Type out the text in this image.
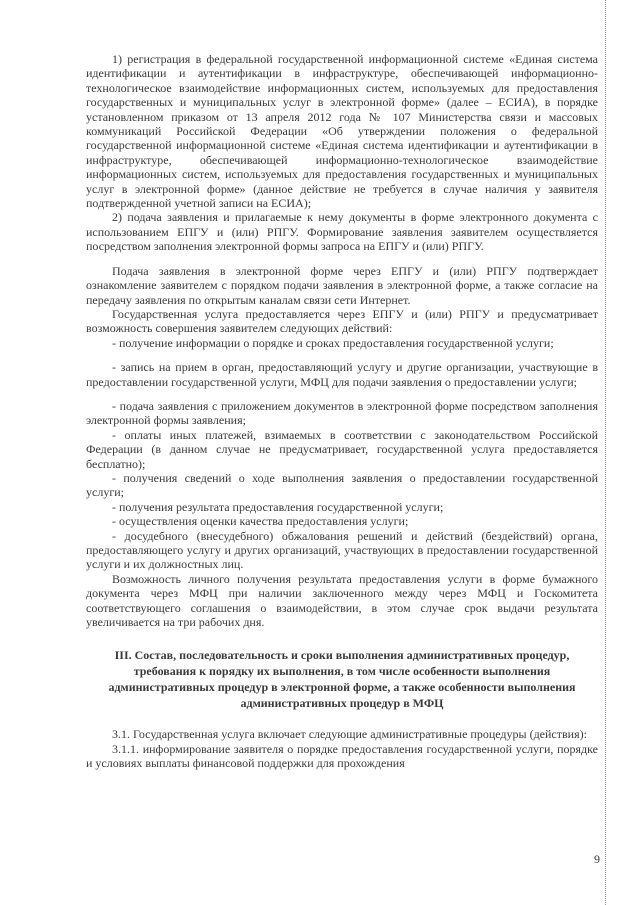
1) регистрация в федеральной государственной информационной системе «Единая система идентификации и аутентификации в инфраструктуре, обеспечивающей информационно-технологическое взаимодействие информационных систем, используемых для предоставления государственных и муниципальных услуг в электронной форме» (далее – ЕСИА), в порядке установленном приказом от 13 апреля 2012 года № 107 Министерства связи и массовых коммуникаций Российской Федерации «Об утверждении положения о федеральной государственной информационной системе «Единая система идентификации и аутентификации в инфраструктуре, обеспечивающей информационно-технологическое взаимодействие информационных систем, используемых для предоставления государственных и муниципальных услуг в электронной форме» (данное действие не требуется в случае наличия у заявителя подтвержденной учетной записи на ЕСИА);

2) подача заявления и прилагаемые к нему документы в форме электронного документа с использованием ЕПГУ и (или) РПГУ. Формирование заявления заявителем осуществляется посредством заполнения электронной формы запроса на ЕПГУ и (или) РПГУ.

Подача заявления в электронной форме через ЕПГУ и (или) РПГУ подтверждает ознакомление заявителем с порядком подачи заявления в электронной форме, а также согласие на передачу заявления по открытым каналам связи сети Интернет.

Государственная услуга предоставляется через ЕПГУ и (или) РПГУ и предусматривает возможность совершения заявителем следующих действий:

- получение информации о порядке и сроках предоставления государственной услуги;

- запись на прием в орган, предоставляющий услугу и другие организации, участвующие в предоставлении государственной услуги, МФЦ для подачи заявления о предоставлении услуги;

- подача заявления с приложением документов в электронной форме посредством заполнения электронной формы заявления;

- оплаты иных платежей, взимаемых в соответствии с законодательством Российской Федерации (в данном случае не предусматривает, государственной услуга предоставляется бесплатно);

- получения сведений о ходе выполнения заявления о предоставлении государственной услуги;

- получения результата предоставления государственной услуги;

- осуществления оценки качества предоставления услуги;

- досудебного (внесудебного) обжалования решений и действий (бездействий) органа, предоставляющего услугу и других организаций, участвующих в предоставлении государственной услуги и их должностных лиц.

Возможность личного получения результата предоставления услуги в форме бумажного документа через МФЦ при наличии заключенного между через МФЦ и Госкомитета соответствующего соглашения о взаимодействии, в этом случае срок выдачи результата увеличивается на три рабочих дня.

III. Состав, последовательность и сроки выполнения административных процедур, требования к порядку их выполнения, в том числе особенности выполнения административных процедур в электронной форме, а также особенности выполнения административных процедур в МФЦ

3.1. Государственная услуга включает следующие административные процедуры (действия):

3.1.1. информирование заявителя о порядке предоставления государственной услуги, порядке и условиях выплаты финансовой поддержки для прохождения

9
